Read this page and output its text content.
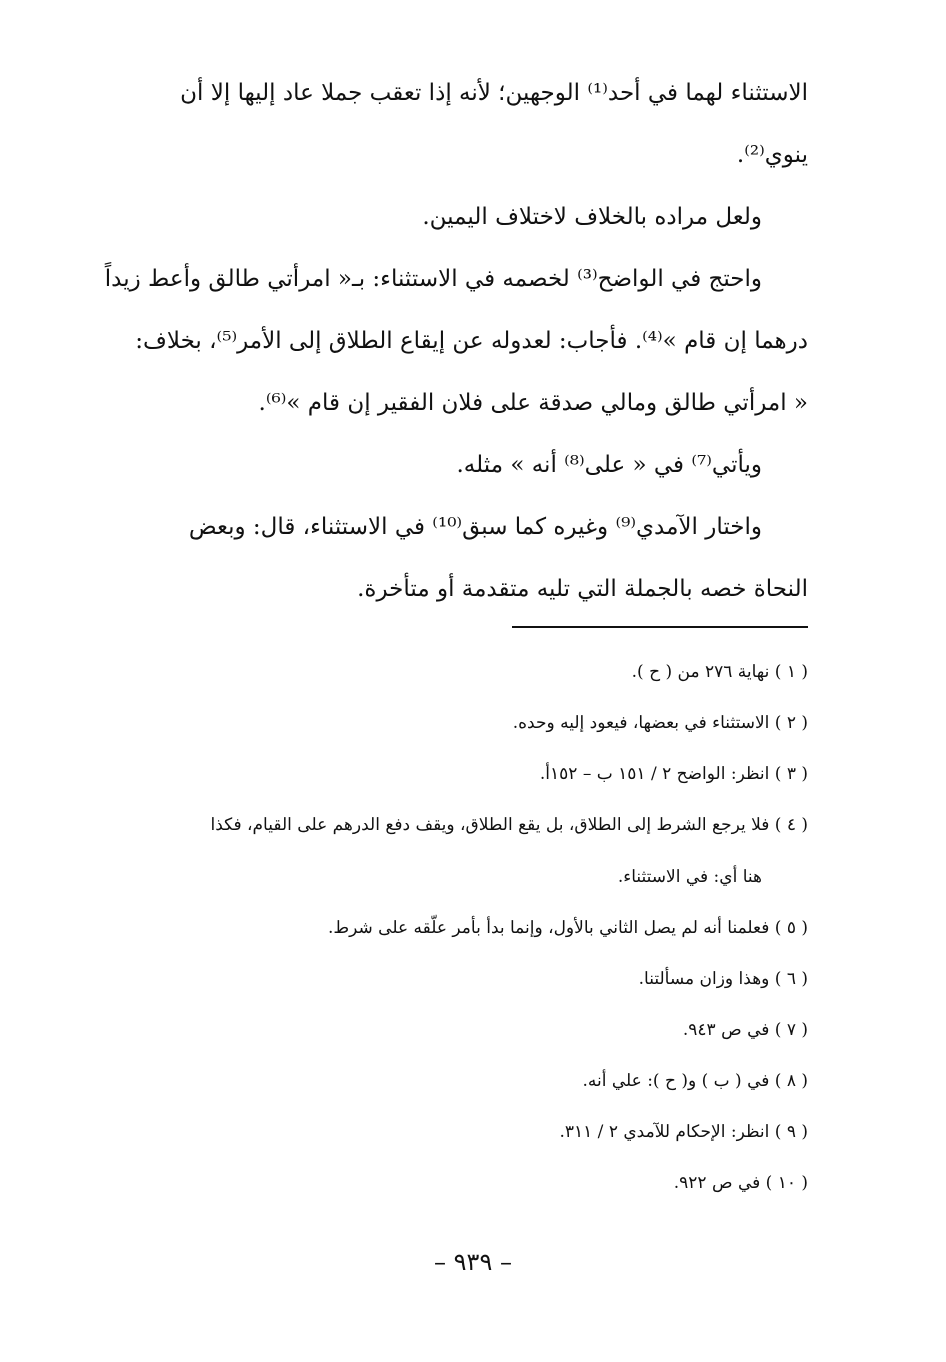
الاستثناء لهما في أحد⁽¹⁾ الوجهين؛ لأنه إذا تعقب جملا عاد إليها إلا أن

ينوي⁽²⁾.

ولعل مراده بالخلاف لاختلاف اليمين.

واحتج في الواضح⁽³⁾ لخصمه في الاستثناء: بـ« امرأتي طالق وأعط زيداً

درهما إن قام »⁽⁴⁾. فأجاب: لعدوله عن إيقاع الطلاق إلى الأمر⁽⁵⁾، بخلاف:

« امرأتي طالق ومالي صدقة على فلان الفقير إن قام »⁽⁶⁾.

ويأتي⁽⁷⁾ في « على⁽⁸⁾ أنه » مثله.

واختار الآمدي⁽⁹⁾ وغيره كما سبق⁽¹⁰⁾ في الاستثناء، قال: وبعض

النحاة خصه بالجملة التي تليه متقدمة أو متأخرة.

( ١ ) نهاية ٢٧٦ من ( ح ).

( ٢ ) الاستثناء في بعضها، فيعود إليه وحده.

( ٣ ) انظر: الواضح ٢ / ١٥١ ب – ١٥٢أ.

( ٤ ) فلا يرجع الشرط إلى الطلاق، بل يقع الطلاق، ويقف دفع الدرهم على القيام، فكذا
هنا أي: في الاستثناء.

( ٥ ) فعلمنا أنه لم يصل الثاني بالأول، وإنما بدأ بأمر علّقه على شرط.

( ٦ ) وهذا وزان مسألتنا.

( ٧ ) في ص ٩٤٣.

( ٨ ) في ( ب ) و( ح ): علي أنه.

( ٩ ) انظر: الإحكام للآمدي ٢ / ٣١١.

( ١٠ ) في ص ٩٢٢.

– ٩٣٩ –
